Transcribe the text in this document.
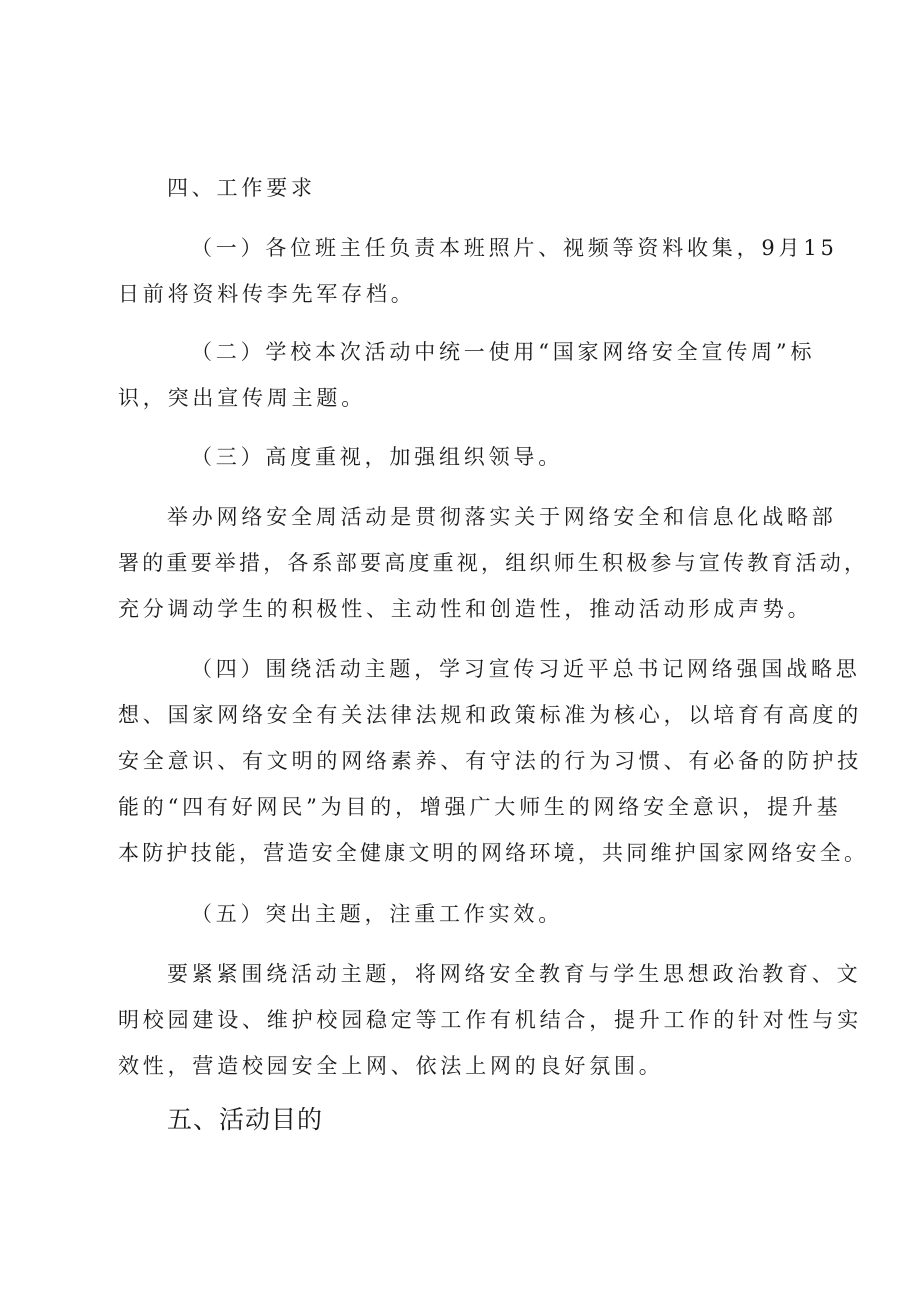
四、工作要求

（一）各位班主任负责本班照片、视频等资料收集，9月15

日前将资料传李先军存档。

（二）学校本次活动中统一使用“国家网络安全宣传周”标

识，突出宣传周主题。

（三）高度重视，加强组织领导。

举办网络安全周活动是贯彻落实关于网络安全和信息化战略部

署的重要举措，各系部要高度重视，组织师生积极参与宣传教育活动，

充分调动学生的积极性、主动性和创造性，推动活动形成声势。

（四）围绕活动主题，学习宣传习近平总书记网络强国战略思

想、国家网络安全有关法律法规和政策标准为核心，以培育有高度的

安全意识、有文明的网络素养、有守法的行为习惯、有必备的防护技

能的“四有好网民”为目的，增强广大师生的网络安全意识，提升基

本防护技能，营造安全健康文明的网络环境，共同维护国家网络安全。

（五）突出主题，注重工作实效。

要紧紧围绕活动主题，将网络安全教育与学生思想政治教育、文

明校园建设、维护校园稳定等工作有机结合，提升工作的针对性与实

效性，营造校园安全上网、依法上网的良好氛围。

五、活动目的
